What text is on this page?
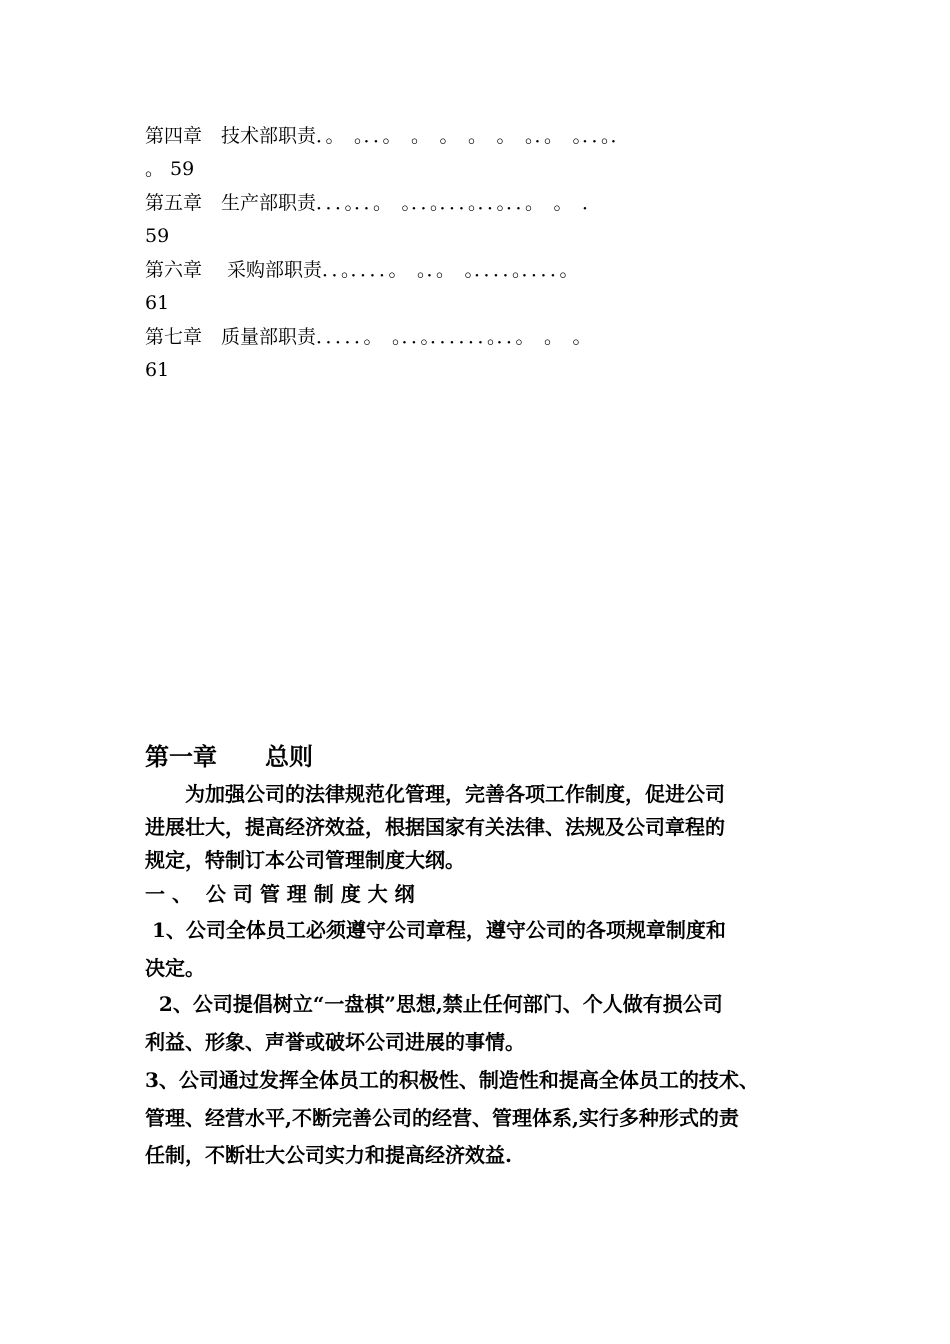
第四章　技术部职责．。　。．．。　。　。　。　。　。．。　。．．。．
。 59
第五章　生产部职责．．．。．．。　。．．。．．．。．．。．．。　。　．
59
第六章　 采购部职责．．。．．．．。　。．。　。．．．．。．．．．。
61
第七章　质量部职责．．．．．。　。．．。．．．．．．。．．。　。　。
61
第一章　　总则
　　为加强公司的法律规范化管理，完善各项工作制度，促进公司
进展壮大，提高经济效益，根据国家有关法律、法规及公司章程的
规定，特制订本公司管理制度大纲。
一 、  公 司 管 理 制 度 大 纲
1、公司全体员工必须遵守公司章程，遵守公司的各项规章制度和
决定。
2、公司提倡树立“一盘棋”思想,禁止任何部门、个人做有损公司
利益、形象、声誉或破坏公司进展的事情。
3、公司通过发挥全体员工的积极性、制造性和提高全体员工的技术、
管理、经营水平,不断完善公司的经营、管理体系,实行多种形式的责
任制，不断壮大公司实力和提高经济效益.
